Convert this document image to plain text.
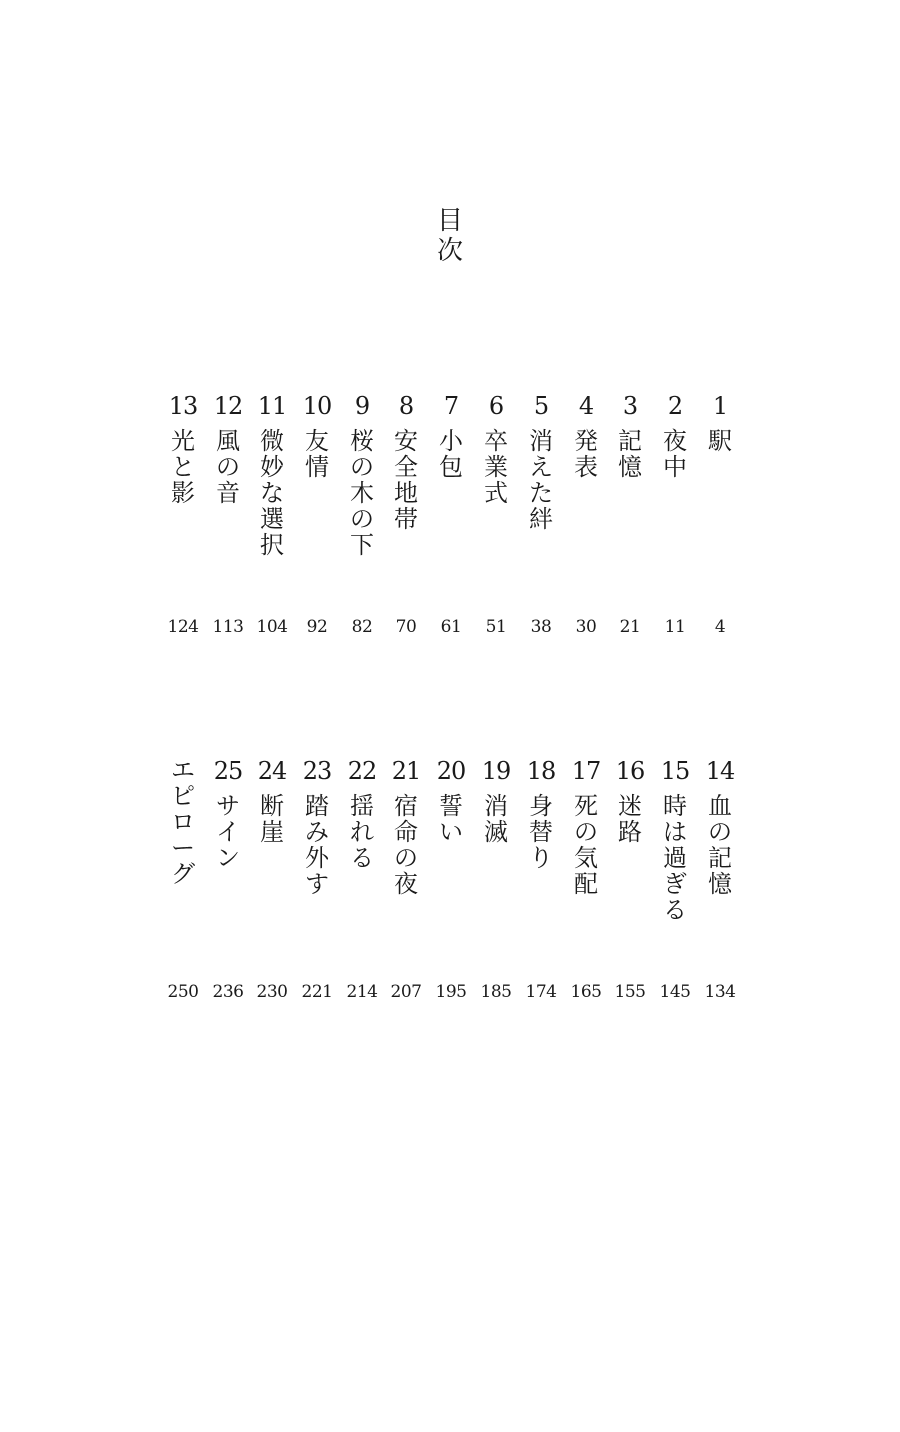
目
次
1
駅
4
2
夜中
11
3
記憶
21
4
発表
30
5
消えた絆
38
6
卒業式
51
7
小包
61
8
安全地帯
70
9
桜の木の下
82
10
友情
92
11
微妙な選択
104
12
風の音
113
13
光と影
124
14
血の記憶
134
15
時は過ぎる
145
16
迷路
155
17
死の気配
165
18
身替り
174
19
消滅
185
20
誓い
195
21
宿命の夜
207
22
揺れる
214
23
踏み外す
221
24
断崖
230
25
サイン
236
エピローグ
250
